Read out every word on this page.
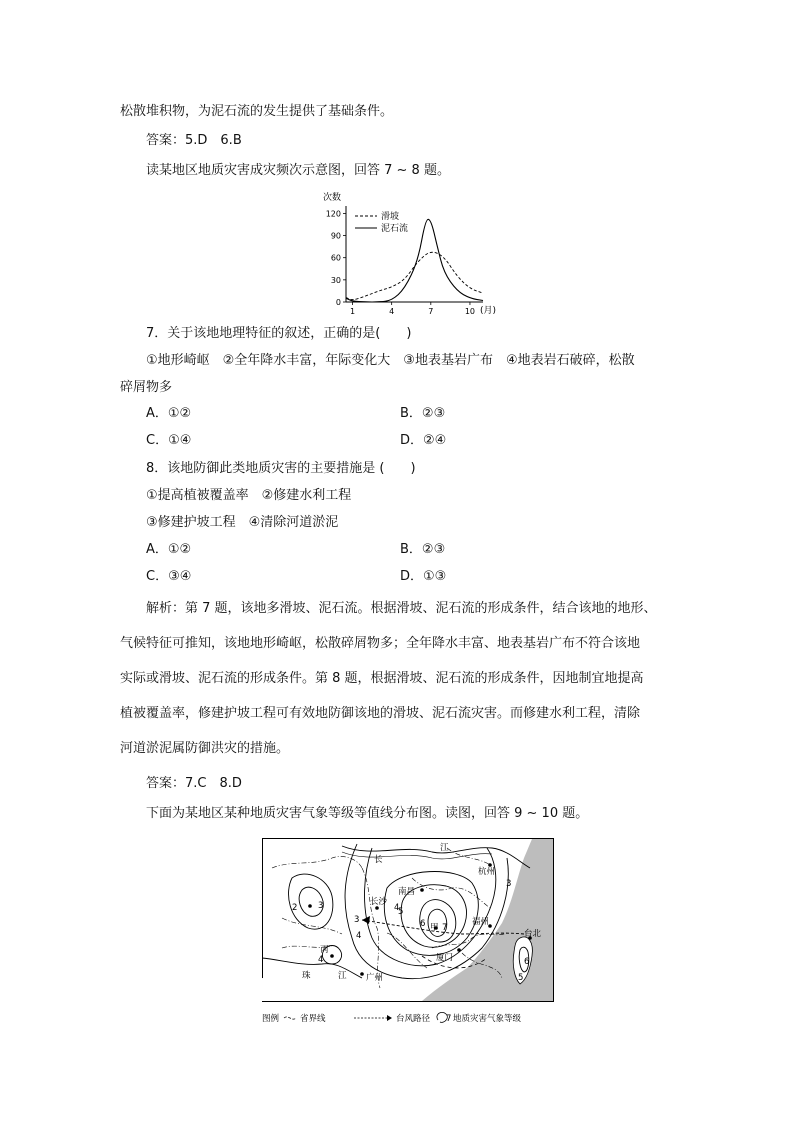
松散堆积物，为泥石流的发生提供了基础条件。
答案：5.D　6.B
读某地区地质灾害成灾频次示意图，回答 7 ~ 8 题。
次数
0
30
60
90
120
1	4	7	10
滑坡
泥石流
(月)
7．关于该地地理特征的叙述，正确的是(　　)
①地形崎岖　②全年降水丰富，年际变化大　③地表基岩广布　④地表岩石破碎，松散
碎屑物多
A．①②	B．②③
C．①④	D．②④
8．该地防御此类地质灾害的主要措施是 (　　)
①提高植被覆盖率　②修建水利工程
③修建护坡工程　④清除河道淤泥
A．①②	B．②③
C．③④	D．①③
解析：第 7 题，该地多滑坡、泥石流。根据滑坡、泥石流的形成条件，结合该地的地形、
气候特征可推知，该地地形崎岖，松散碎屑物多；全年降水丰富、地表基岩广布不符合该地
实际或滑坡、泥石流的形成条件。第 8 题，根据滑坡、泥石流的形成条件，因地制宜地提高
植被覆盖率，修建护坡工程可有效地防御该地的滑坡、泥石流灾害。而修建水利工程，清除
河道淤泥属防御洪灾的措施。
答案：7.C　8.D
下面为某地区某种地质灾害气象等级等值线分布图。读图，回答 9 ~ 10 题。
长
江
杭州
南昌
长沙
福州
台北
厦门
广州
珠	江
丙
甲
2 3
3
3
4
4
4
5
6 7
6
5
图例 省界线	台风路径 7 地质灾害气象等级
